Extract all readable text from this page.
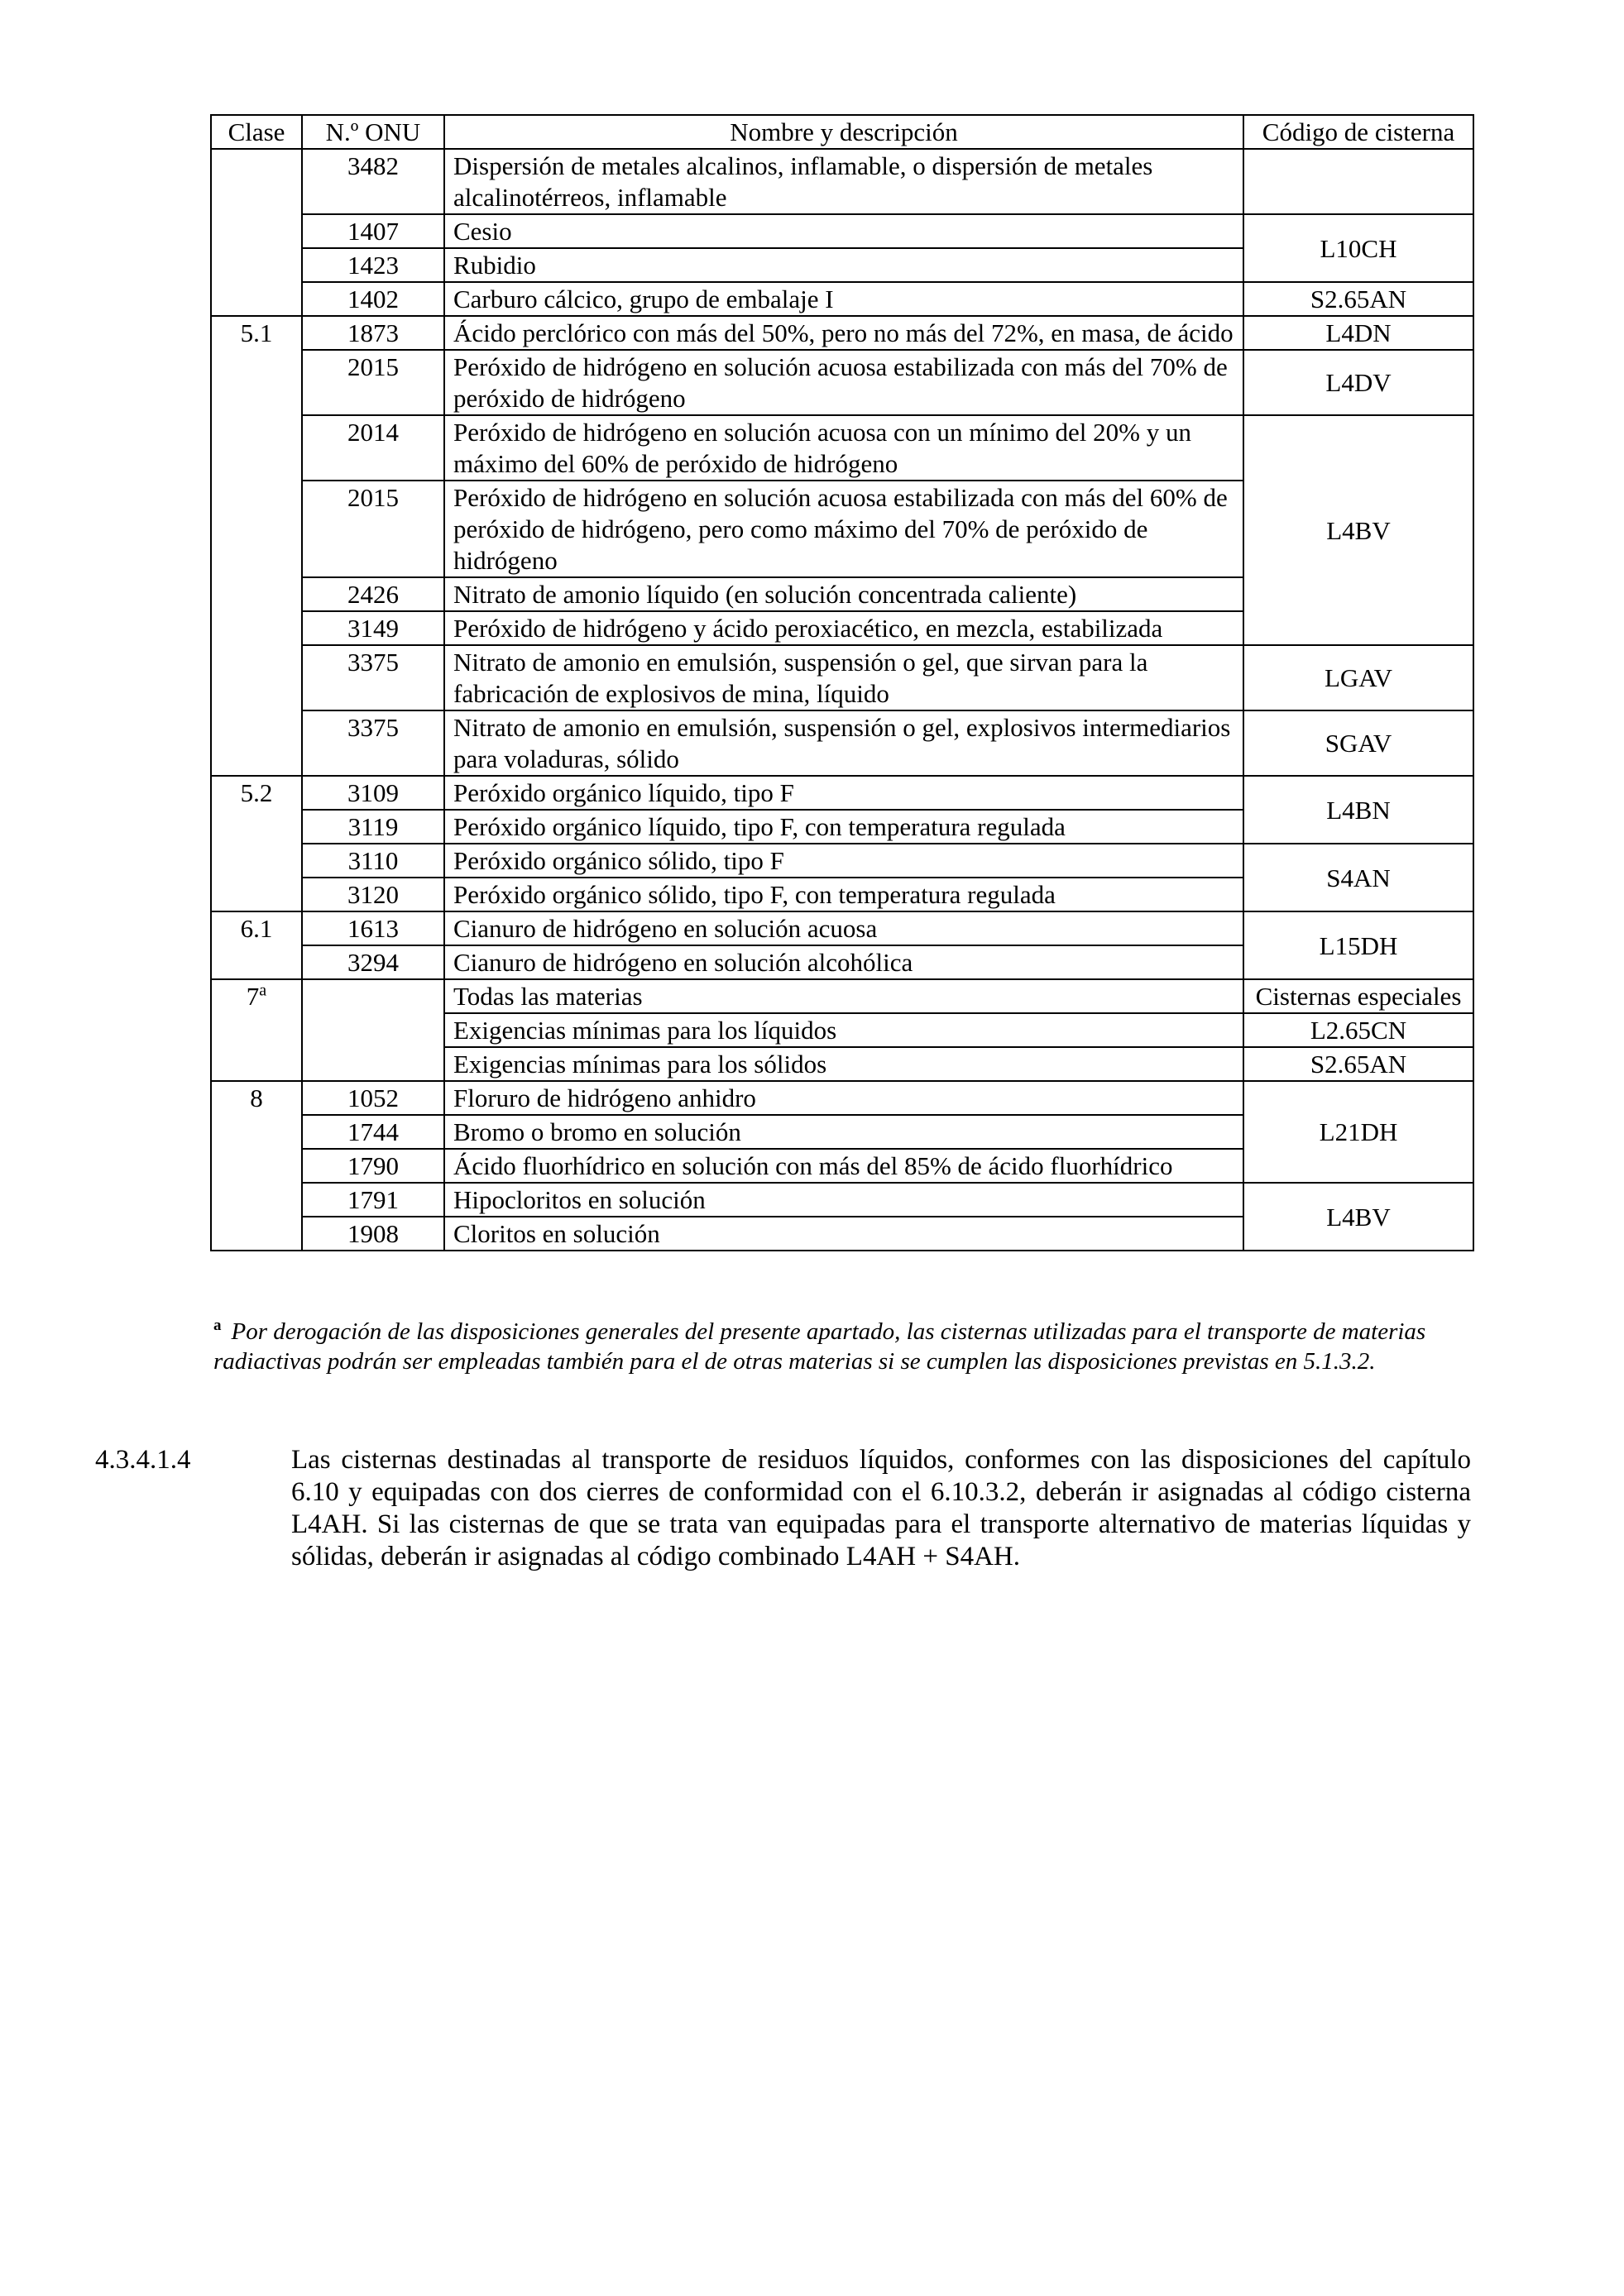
Clase	N.º ONU	Nombre y descripción	Código de cisterna
	3482	Dispersión de metales alcalinos, inflamable, o dispersión de metales alcalinotérreos, inflamable	
	1407	Cesio	L10CH
	1423	Rubidio	
	1402	Carburo cálcico, grupo de embalaje I	S2.65AN
5.1	1873	Ácido perclórico con más del 50%, pero no más del 72%, en masa, de ácido	L4DN
	2015	Peróxido de hidrógeno en solución acuosa estabilizada con más del 70% de peróxido de hidrógeno	L4DV
	2014	Peróxido de hidrógeno en solución acuosa con un mínimo del 20% y un máximo del 60% de peróxido de hidrógeno	L4BV
	2015	Peróxido de hidrógeno en solución acuosa estabilizada con más del 60% de peróxido de hidrógeno, pero como máximo del 70% de peróxido de hidrógeno	
	2426	Nitrato de amonio líquido (en solución concentrada caliente)	
	3149	Peróxido de hidrógeno y ácido peroxiacético, en mezcla, estabilizada	
	3375	Nitrato de amonio en emulsión, suspensión o gel, que sirvan para la fabricación de explosivos de mina, líquido	LGAV
	3375	Nitrato de amonio en emulsión, suspensión o gel, explosivos intermediarios para voladuras, sólido	SGAV
5.2	3109	Peróxido orgánico líquido, tipo F	L4BN
	3119	Peróxido orgánico líquido, tipo F, con temperatura regulada	
	3110	Peróxido orgánico sólido, tipo F	S4AN
	3120	Peróxido orgánico sólido, tipo F, con temperatura regulada	
6.1	1613	Cianuro de hidrógeno en solución acuosa	L15DH
	3294	Cianuro de hidrógeno en solución alcohólica	
7$^a$		Todas las materias	Cisternas especiales
		Exigencias mínimas para los líquidos	L2.65CN
		Exigencias mínimas para los sólidos	S2.65AN
8	1052	Floruro de hidrógeno anhidro	L21DH
	1744	Bromo o bromo en solución	
	1790	Ácido fluorhídrico en solución con más del 85% de ácido fluorhídrico	
	1791	Hipocloritos en solución	L4BV
	1908	Cloritos en solución	
$^a$ Por derogación de las disposiciones generales del presente apartado, las cisternas utilizadas para el transporte de materias radiactivas podrán ser empleadas también para el de otras materias si se cumplen las disposiciones previstas en 5.1.3.2.
4.3.4.1.4	Las cisternas destinadas al transporte de residuos líquidos, conformes con las disposiciones del capítulo 6.10 y equipadas con dos cierres de conformidad con el 6.10.3.2, deberán ir asignadas al código cisterna L4AH. Si las cisternas de que se trata van equipadas para el transporte alternativo de materias líquidas y sólidas, deberán ir asignadas al código combinado L4AH + S4AH.
